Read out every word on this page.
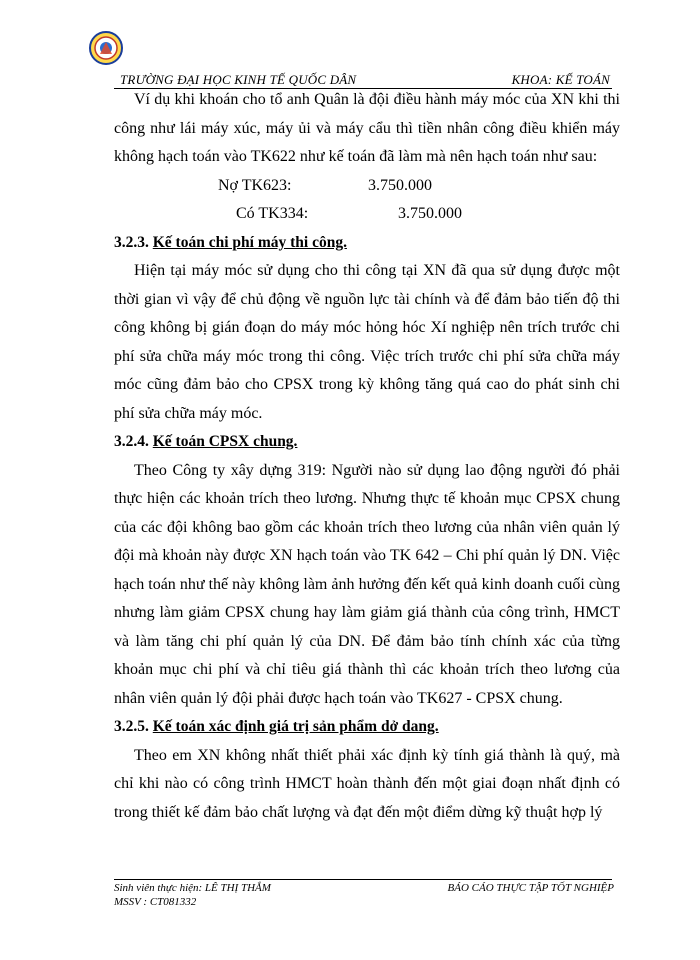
TRƯỜNG ĐẠI HỌC KINH TẾ QUỐC DÂN	KHOA: KẾ TOÁN

Ví dụ khi khoán cho tổ anh Quân là đội điều hành máy móc của XN khi thi công như lái máy xúc, máy ủi và máy cẩu thì tiền nhân công điều khiển máy không hạch toán vào TK622 như kế toán đã làm mà nên hạch toán như sau:

Nợ TK623:	3.750.000
Có TK334:	3.750.000

3.2.3. Kế toán chi phí máy thi công.

Hiện tại máy móc sử dụng cho thi công tại XN đã qua sử dụng được một thời gian vì vậy để chủ động về nguồn lực tài chính và để đảm bảo tiến độ thi công không bị gián đoạn do máy móc hỏng hóc Xí nghiệp nên trích trước chi phí sửa chữa máy móc trong thi công. Việc trích trước chi phí sửa chữa máy móc cũng đảm bảo cho CPSX trong kỳ không tăng quá cao do phát sinh chi phí sửa chữa máy móc.

3.2.4. Kế toán CPSX chung.

Theo Công ty xây dựng 319: Người nào sử dụng lao động người đó phải thực hiện các khoản trích theo lương. Nhưng thực tế khoản mục CPSX chung của các đội không bao gồm các khoản trích theo lương của nhân viên quản lý đội mà khoản này được XN hạch toán vào TK 642 – Chi phí quản lý DN. Việc hạch toán như thế này không làm ảnh hưởng đến kết quả kinh doanh cuối cùng nhưng làm giảm CPSX chung hay làm giảm giá thành của công trình, HMCT và làm tăng chi phí quản lý của DN. Để đảm bảo tính chính xác của từng khoản mục chi phí và chỉ tiêu giá thành thì các khoản trích theo lương của nhân viên quản lý đội phải được hạch toán vào TK627 - CPSX chung.

3.2.5. Kế toán xác định giá trị sản phẩm dở dang.

Theo em XN không nhất thiết phải xác định kỳ tính giá thành là quý, mà chỉ khi nào có công trình HMCT hoàn thành đến một giai đoạn nhất định có trong thiết kế đảm bảo chất lượng và đạt đến một điểm dừng kỹ thuật hợp lý

Sinh viên thực hiện: LÊ THỊ THẮM
MSSV : CT081332
BÁO CÁO THỰC TẬP TỐT NGHIỆP
